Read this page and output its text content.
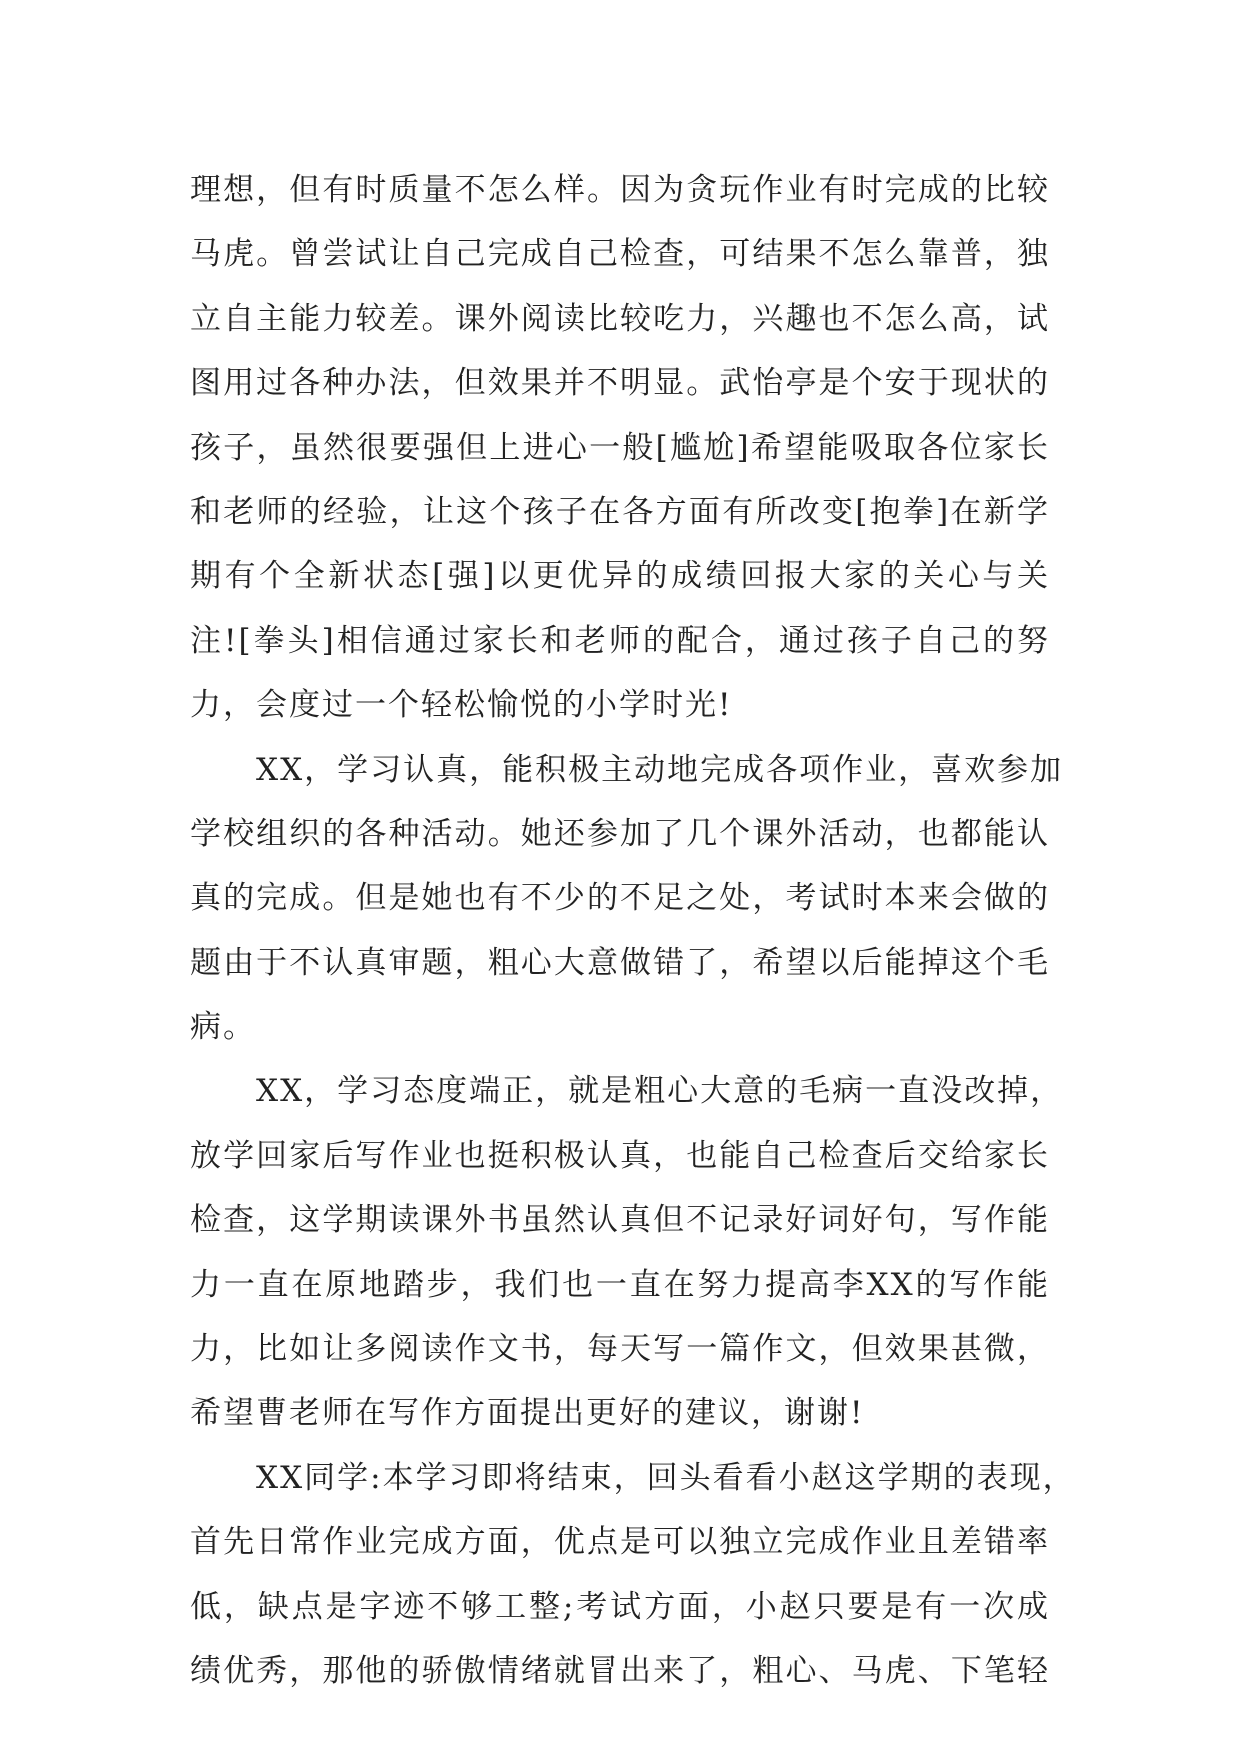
理想，但有时质量不怎么样。因为贪玩作业有时完成的比较
马虎。曾尝试让自己完成自己检查，可结果不怎么靠普，独
立自主能力较差。课外阅读比较吃力，兴趣也不怎么高，试
图用过各种办法，但效果并不明显。武怡亭是个安于现状的
孩子，虽然很要强但上进心一般[尴尬]希望能吸取各位家长
和老师的经验，让这个孩子在各方面有所改变[抱拳]在新学
期有个全新状态[强]以更优异的成绩回报大家的关心与关
注![拳头]相信通过家长和老师的配合，通过孩子自己的努
力，会度过一个轻松愉悦的小学时光!
　　XX，学习认真，能积极主动地完成各项作业，喜欢参加
学校组织的各种活动。她还参加了几个课外活动，也都能认
真的完成。但是她也有不少的不足之处，考试时本来会做的
题由于不认真审题，粗心大意做错了，希望以后能掉这个毛
病。
　　XX，学习态度端正，就是粗心大意的毛病一直没改掉，
放学回家后写作业也挺积极认真，也能自己检查后交给家长
检查，这学期读课外书虽然认真但不记录好词好句，写作能
力一直在原地踏步，我们也一直在努力提高李XX的写作能
力，比如让多阅读作文书，每天写一篇作文，但效果甚微，
希望曹老师在写作方面提出更好的建议，谢谢!
　　XX同学:本学习即将结束，回头看看小赵这学期的表现，
首先日常作业完成方面，优点是可以独立完成作业且差错率
低，缺点是字迹不够工整;考试方面，小赵只要是有一次成
绩优秀，那他的骄傲情绪就冒出来了，粗心、马虎、下笔轻
